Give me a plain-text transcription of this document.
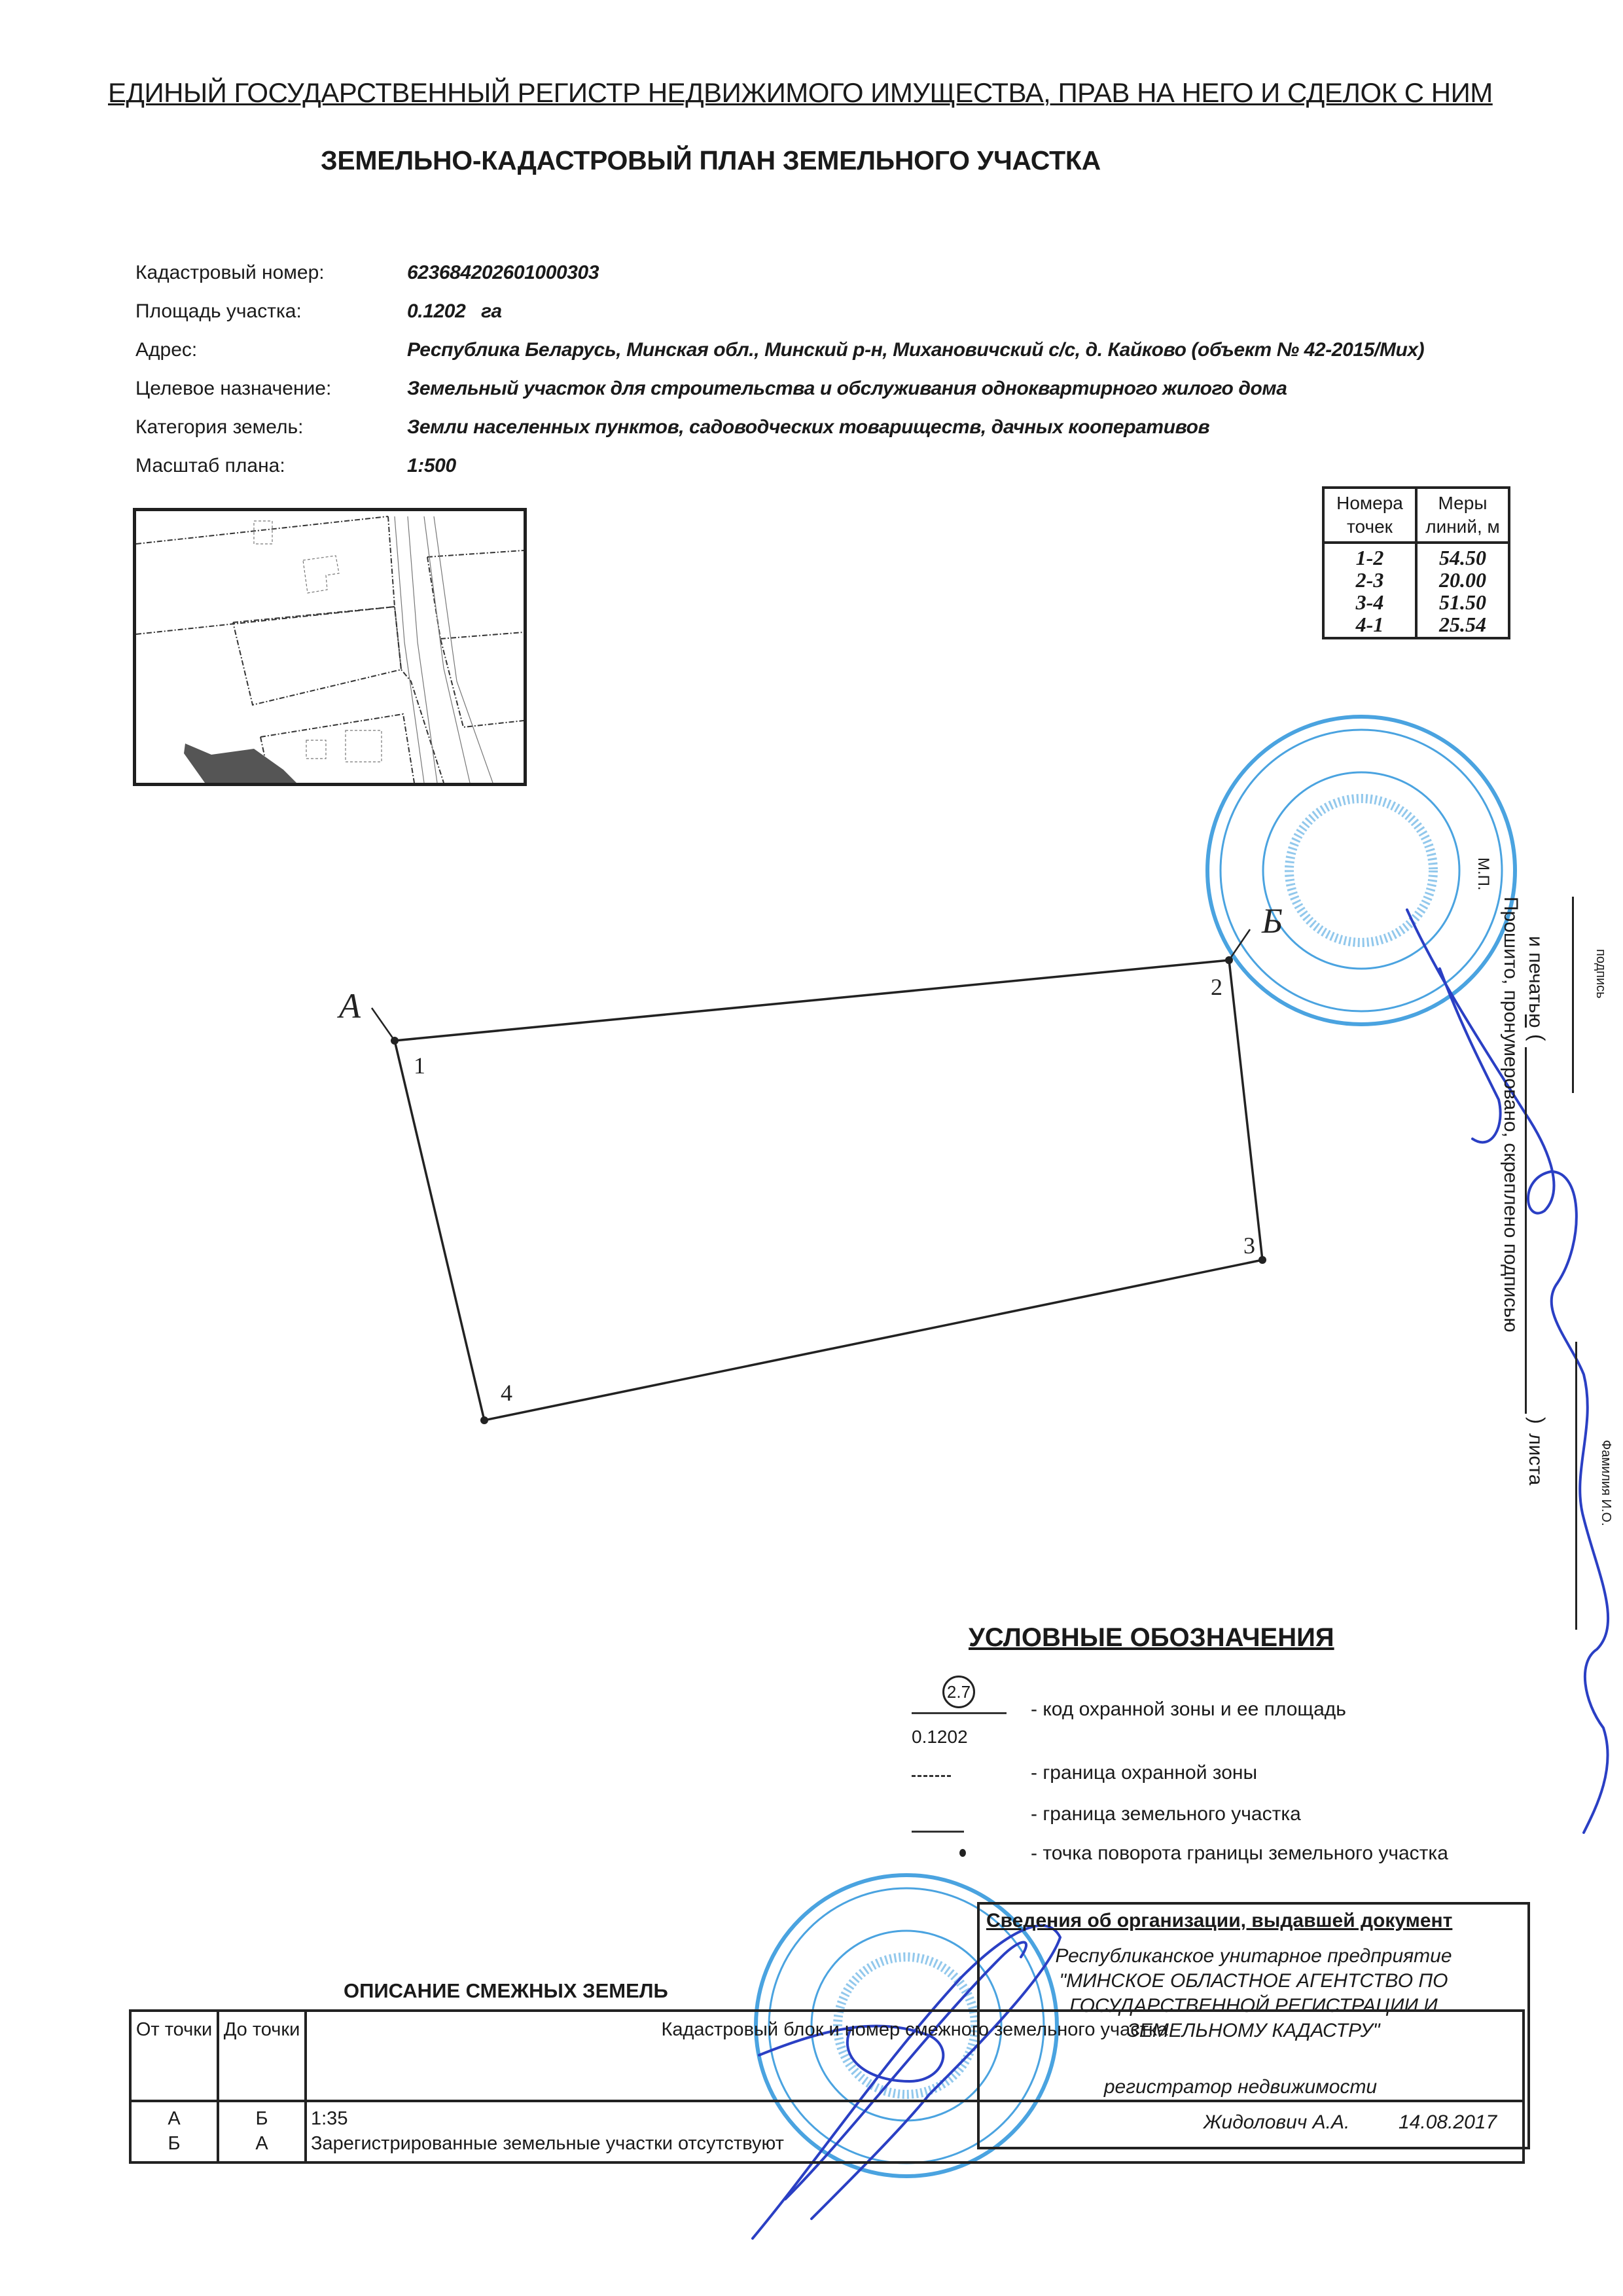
ЕДИНЫЙ ГОСУДАРСТВЕННЫЙ РЕГИСТР НЕДВИЖИМОГО ИМУЩЕСТВА, ПРАВ НА НЕГО И СДЕЛОК С НИМ
ЗЕМЕЛЬНО-КАДАСТРОВЫЙ ПЛАН ЗЕМЕЛЬНОГО УЧАСТКА
Кадастровый номер:	623684202601000303
Площадь участка:	0.1202   га
Адрес:	Республика Беларусь, Минская обл., Минский р-н, Михановичский с/с, д. Кайково (объект № 42-2015/Мих)
Целевое назначение:	Земельный участок для строительства и обслуживания одноквартирного жилого дома
Категория земель:	Земли населенных пунктов, садоводческих товариществ, дачных кооперативов
Масштаб плана:	1:500
Номера точек	Меры линий, м
1-2	54.50
2-3	20.00
3-4	51.50
4-1	25.54
1
2
3
4
А
Б	Прошито, пронумеровано, скреплено подписью и печатью
(
)
листа
подпись
Фамилия И.О.
М.П.
УСЛОВНЫЕ ОБОЗНАЧЕНИЯ
2.7
0.1202
- код охранной зоны и ее площадь
- граница охранной зоны
- граница земельного участка
- точка поворота границы земельного участка
Сведения об организации, выдавшей документ
Республиканское унитарное предприятие
"МИНСКОЕ ОБЛАСТНОЕ АГЕНТСТВО ПО
ГОСУДАРСТВЕННОЙ РЕГИСТРАЦИИ И
ЗЕМЕЛЬНОМУ КАДАСТРУ"
регистратор недвижимости
Жидолович А.А. 14.08.2017
ОПИСАНИЕ СМЕЖНЫХ ЗЕМЕЛЬ
От точки	До точки	Кадастровый блок и номер смежного земельного участка
А	Б	1:35
Б	А	Зарегистрированные земельные участки отсутствуют
